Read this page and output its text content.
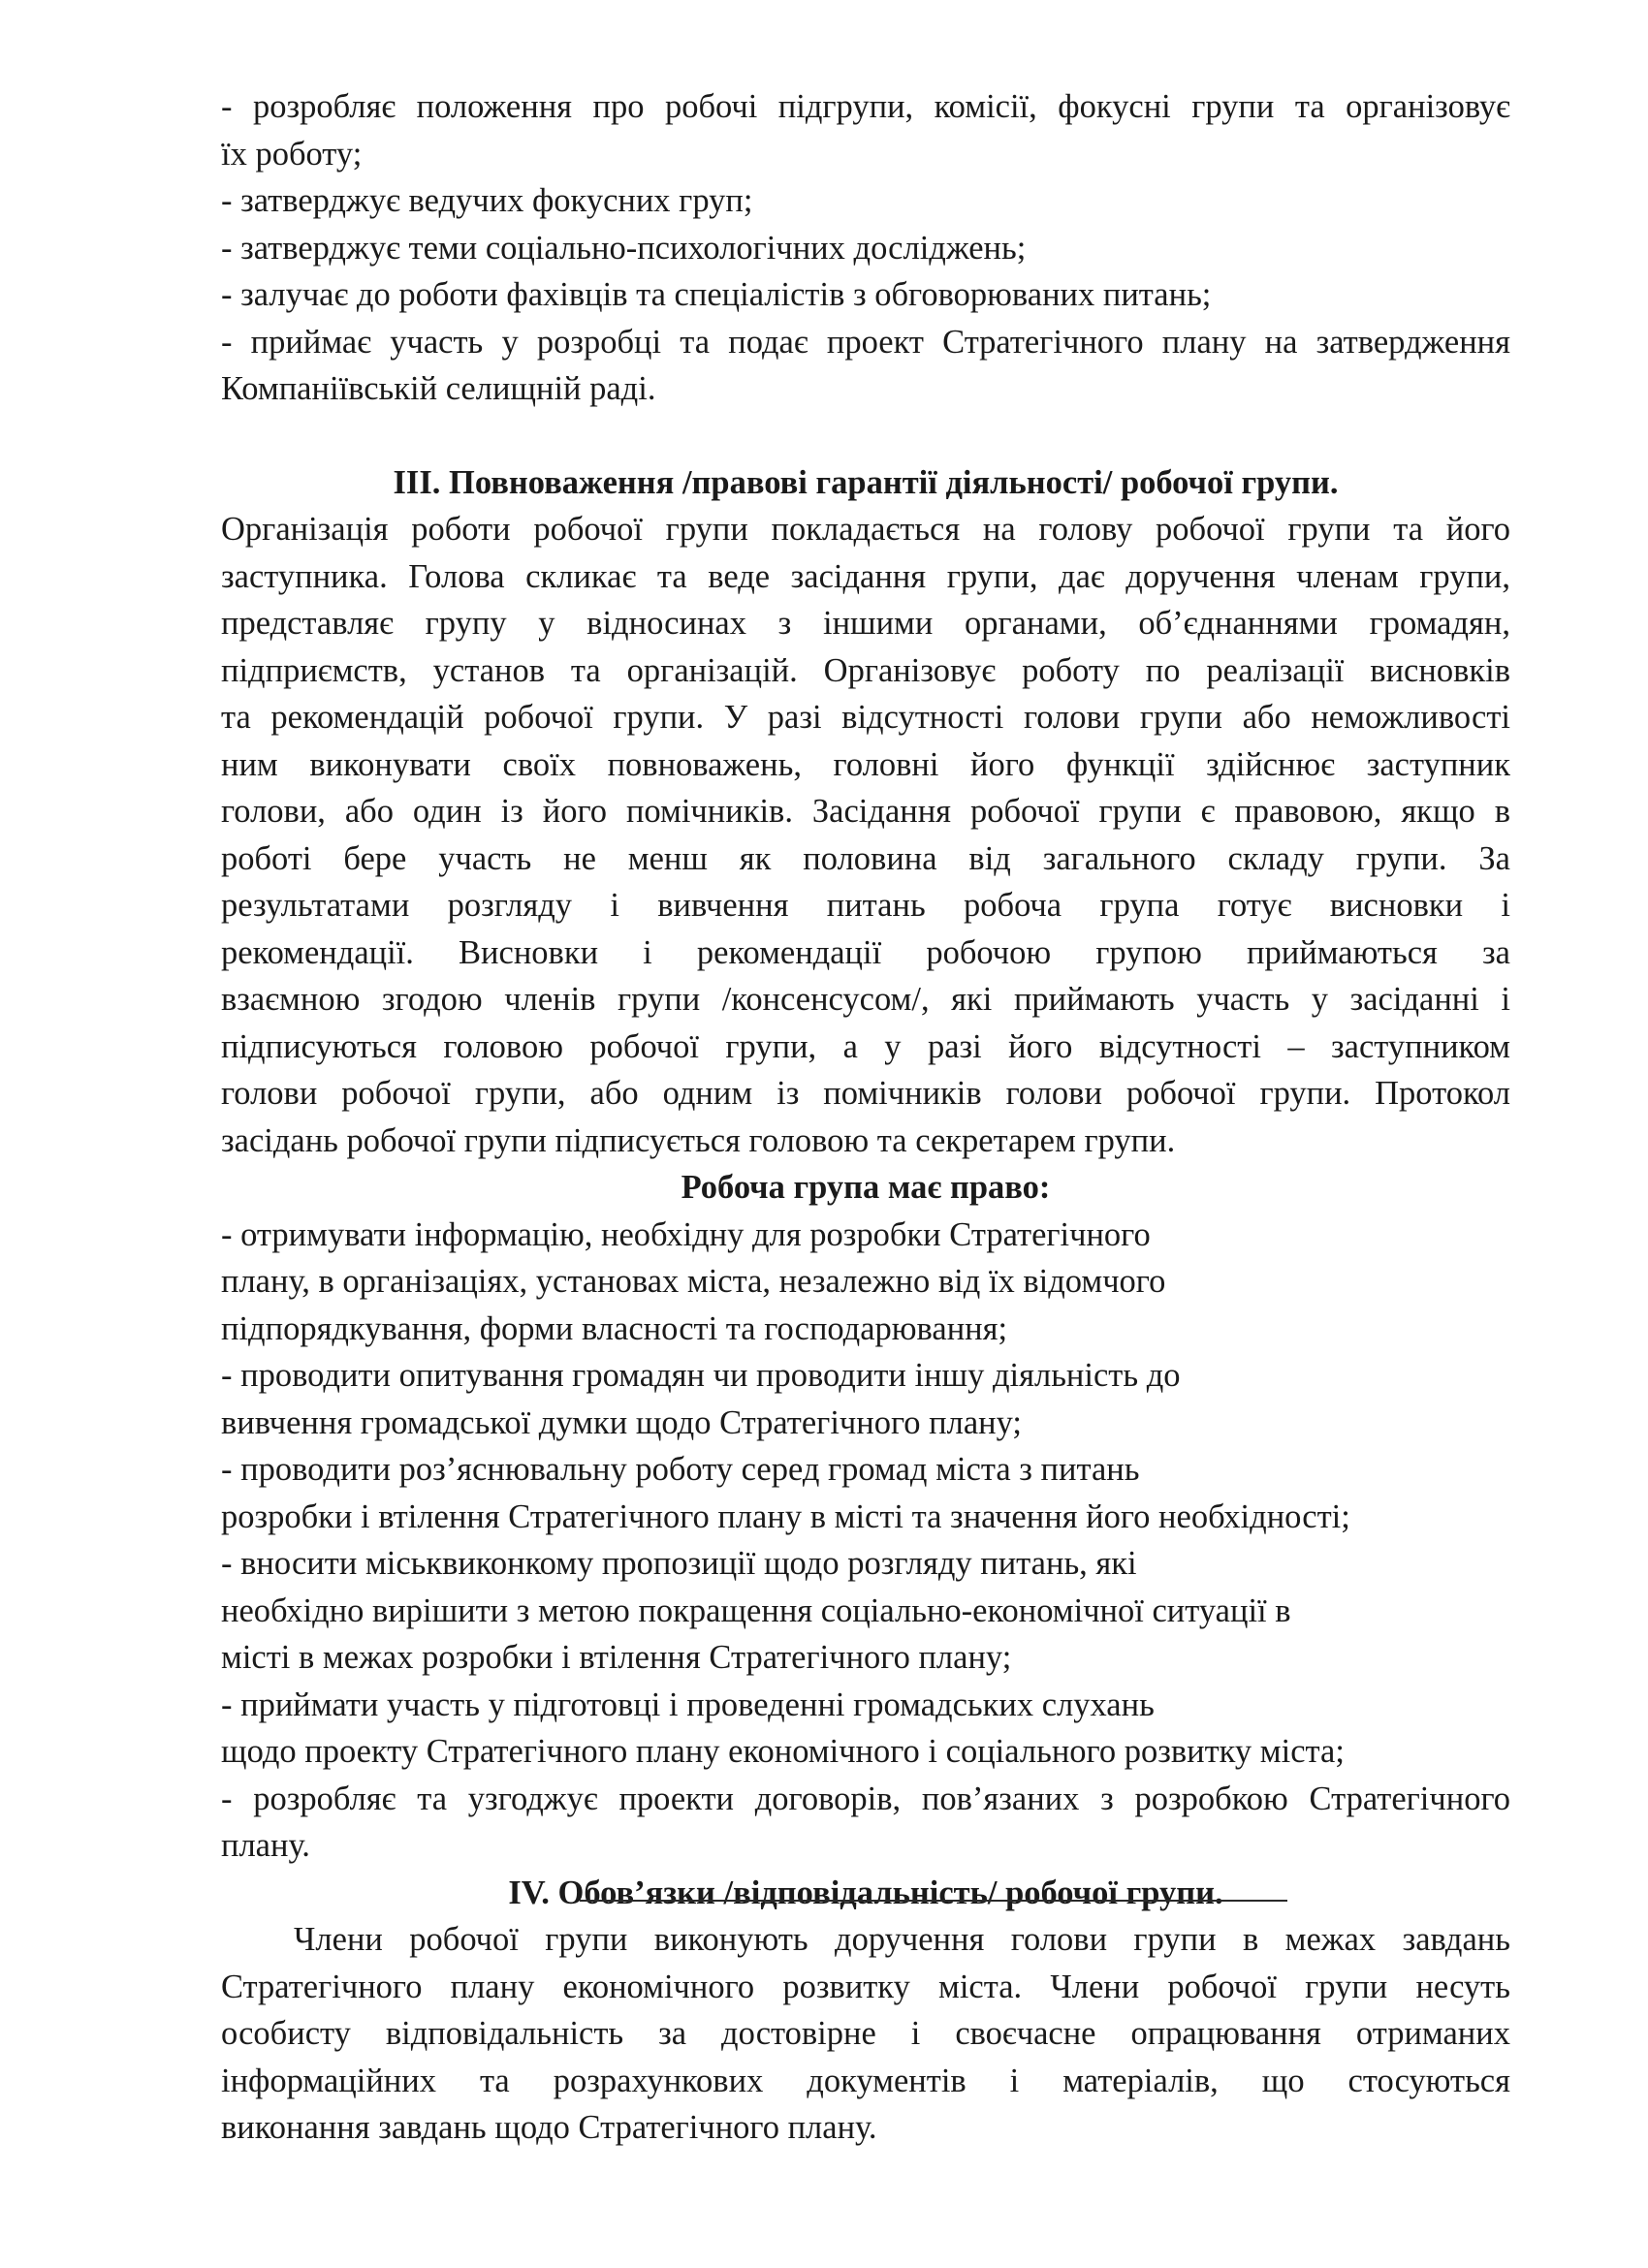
- розробляє положення про робочі підгрупи, комісії, фокусні групи та організовує
їх роботу;
- затверджує ведучих фокусних груп;
- затверджує теми соціально-психологічних досліджень;
- залучає до роботи фахівців та спеціалістів з обговорюваних питань;
- приймає участь у розробці та подає проект Стратегічного плану на затвердження
Компаніївській селищній раді.
ІІІ. Повноваження /правові гарантії діяльності/ робочої групи.
Організація роботи робочої групи покладається на голову робочої групи та його
заступника. Голова скликає та веде засідання групи, дає доручення членам групи,
представляє групу у відносинах з іншими органами, об’єднаннями громадян,
підприємств, установ та організацій. Організовує роботу по реалізації висновків
та рекомендацій робочої групи. У разі відсутності голови групи або неможливості
ним виконувати своїх повноважень, головні його функції здійснює заступник
голови, або один із його помічників. Засідання робочої групи є правовою, якщо в
роботі бере участь не менш як половина від загального складу групи. За
результатами розгляду і вивчення питань робоча група готує висновки і
рекомендації. Висновки і рекомендації робочою групою приймаються за
взаємною згодою членів групи /консенсусом/, які приймають участь у засіданні і
підписуються головою робочої групи, а у разі його відсутності – заступником
голови робочої групи, або одним із помічників голови робочої групи. Протокол
засідань робочої групи підписується головою та секретарем групи.
Робоча група має право:
- отримувати інформацію, необхідну для розробки Стратегічного
плану, в організаціях, установах міста, незалежно від їх відомчого
підпорядкування, форми власності та господарювання;
- проводити опитування громадян чи проводити іншу діяльність до
вивчення громадської думки щодо Стратегічного плану;
- проводити роз’яснювальну роботу серед громад міста з питань
розробки і втілення Стратегічного плану в місті та значення його необхідності;
- вносити міськвиконкому пропозиції щодо розгляду питань, які
необхідно вирішити з метою покращення соціально-економічної ситуації в
місті в межах розробки і втілення Стратегічного плану;
- приймати участь у підготовці і проведенні громадських слухань
щодо проекту Стратегічного плану економічного і соціального розвитку міста;
- розробляє та узгоджує проекти договорів, пов’язаних з розробкою Стратегічного
плану.
IV. Обов’язки /відповідальність/ робочої групи.
Члени робочої групи виконують доручення голови групи в межах завдань
Стратегічного плану економічного розвитку міста. Члени робочої групи несуть
особисту відповідальність за достовірне і своєчасне опрацювання отриманих
інформаційних та розрахункових документів і матеріалів, що стосуються
виконання завдань щодо Стратегічного плану.
